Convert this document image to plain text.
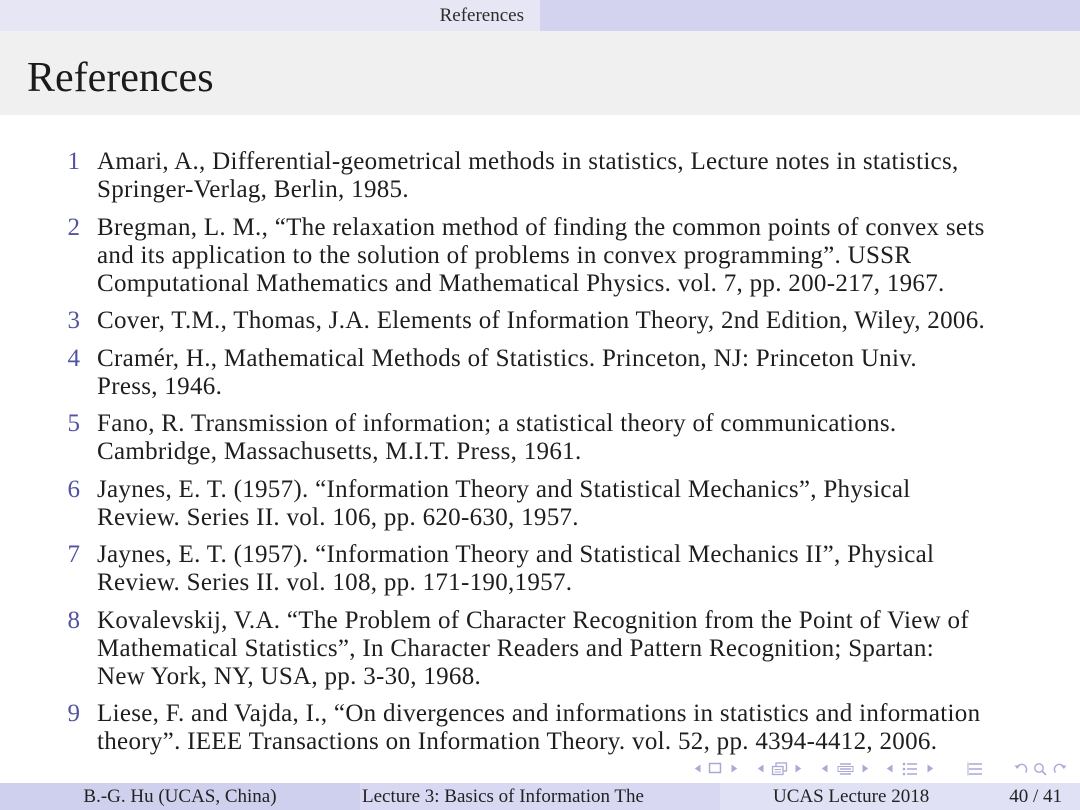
References
References
1 Amari, A., Differential-geometrical methods in statistics, Lecture notes in statistics,
Springer-Verlag, Berlin, 1985.
2 Bregman, L. M., “The relaxation method of finding the common points of convex sets
and its application to the solution of problems in convex programming”. USSR
Computational Mathematics and Mathematical Physics. vol. 7, pp. 200-217, 1967.
3 Cover, T.M., Thomas, J.A. Elements of Information Theory, 2nd Edition, Wiley, 2006.
4 Cramér, H., Mathematical Methods of Statistics. Princeton, NJ: Princeton Univ.
Press, 1946.
5 Fano, R. Transmission of information; a statistical theory of communications.
Cambridge, Massachusetts, M.I.T. Press, 1961.
6 Jaynes, E. T. (1957). “Information Theory and Statistical Mechanics”, Physical
Review. Series II. vol. 106, pp. 620-630, 1957.
7 Jaynes, E. T. (1957). “Information Theory and Statistical Mechanics II”, Physical
Review. Series II. vol. 108, pp. 171-190,1957.
8 Kovalevskij, V.A. “The Problem of Character Recognition from the Point of View of
Mathematical Statistics”, In Character Readers and Pattern Recognition; Spartan:
New York, NY, USA, pp. 3-30, 1968.
9 Liese, F. and Vajda, I., “On divergences and informations in statistics and information
theory”. IEEE Transactions on Information Theory. vol. 52, pp. 4394-4412, 2006.
B.-G. Hu (UCAS, China)	Lecture 3: Basics of Information The	UCAS Lecture 2018	40 / 41
